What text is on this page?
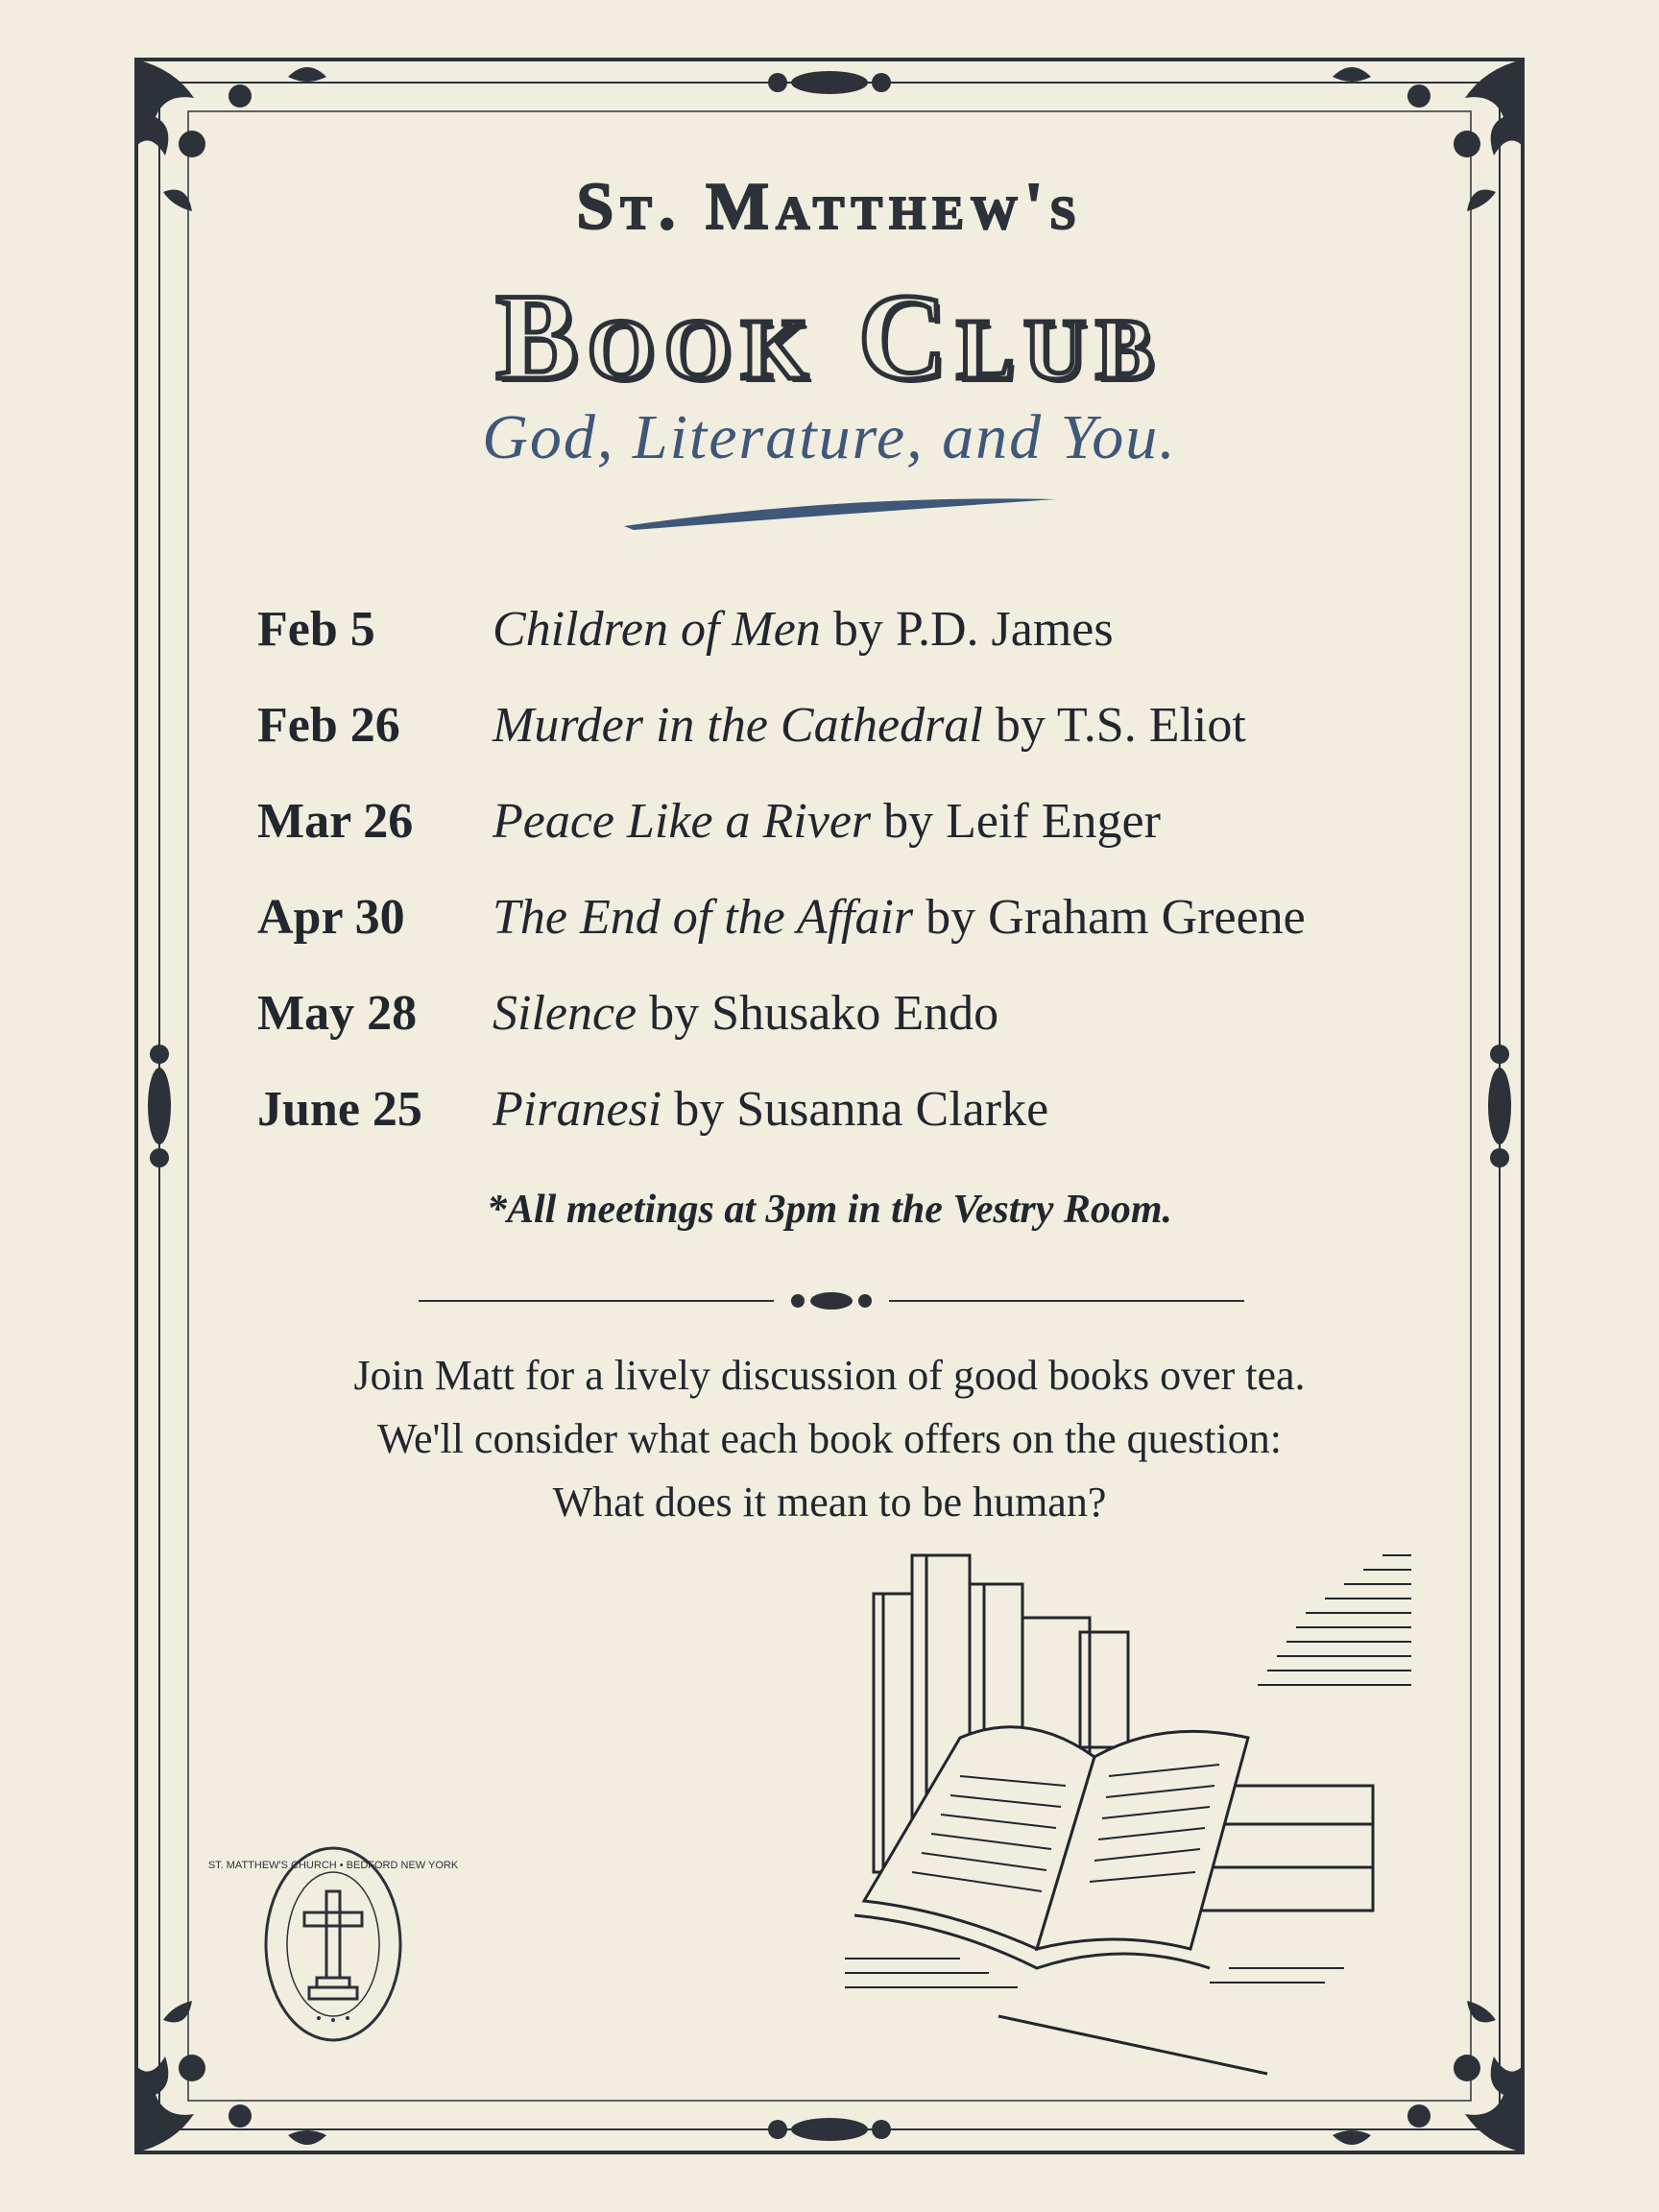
St. Matthew's
Book Club
God, Literature, and You.
Feb 5	Children of Men by P.D. James
Feb 26	Murder in the Cathedral by T.S. Eliot
Mar 26	Peace Like a River by Leif Enger
Apr 30	The End of the Affair by Graham Greene
May 28	Silence by Shusako Endo
June 25	Piranesi by Susanna Clarke
*All meetings at 3pm in the Vestry Room.
Join Matt for a lively discussion of good books over tea.
We'll consider what each book offers on the question:
What does it mean to be human?
ST. MATTHEW'S CHURCH • BEDFORD NEW YORK
